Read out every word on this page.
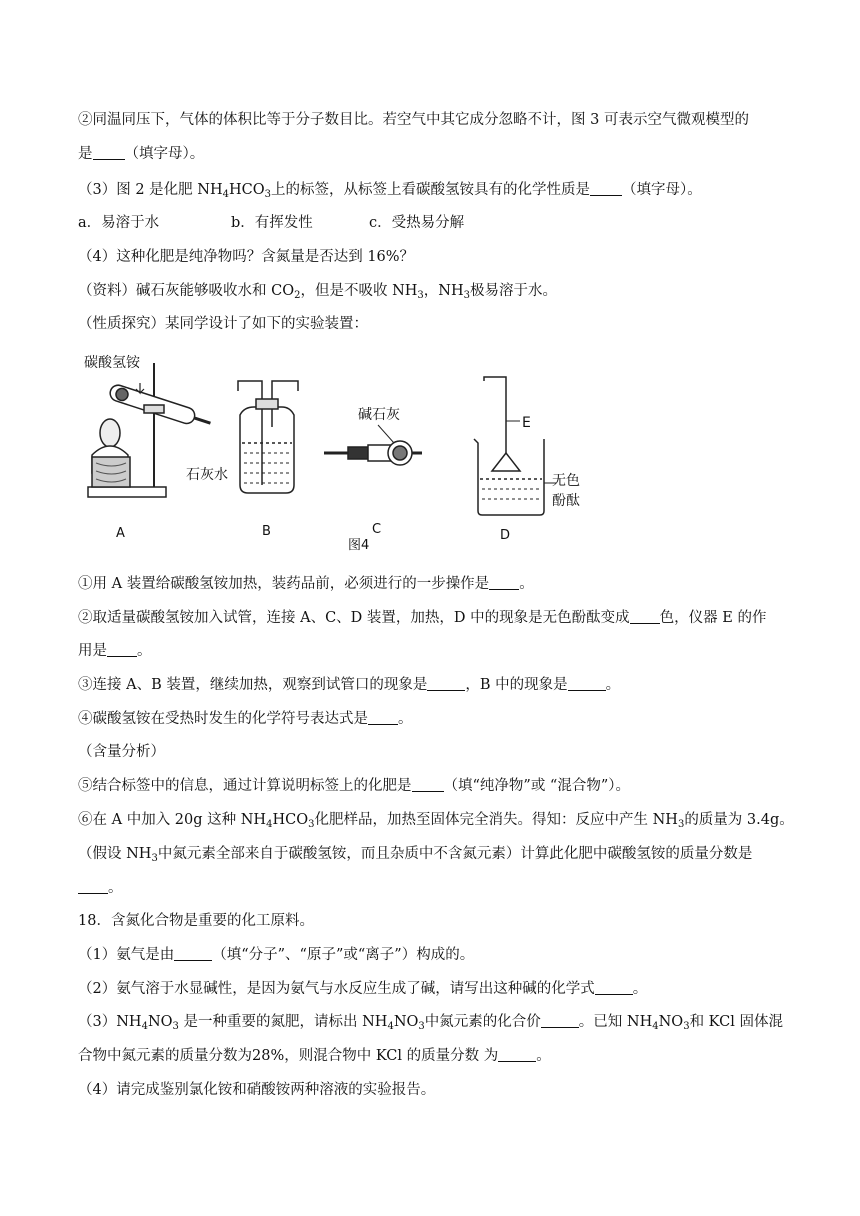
②同温同压下，气体的体积比等于分子数目比。若空气中其它成分忽略不计，图 3 可表示空气微观模型的
是 （填字母）。
（3）图 2 是化肥 $NH_4HCO_3$上的标签，从标签上看碳酸氢铵具有的化学性质是 （填字母）。
a．易溶于水	b．有挥发性	c．受热易分解
（4）这种化肥是纯净物吗？含氮量是否达到 16%？
（资料）碱石灰能够吸收水和 $CO_2$，但是不吸收 $NH_3$，$NH_3$极易溶于水。
（性质探究）某同学设计了如下的实验装置：
碳酸氢铵
石灰水
碱石灰	E
无色
酚酞
A	B	C	D
图4
①用 A 装置给碳酸氢铵加热，装药品前，必须进行的一步操作是 。
②取适量碳酸氢铵加入试管，连接 A、C、D 装置，加热，D 中的现象是无色酚酞变成 色，仪器 E 的作
用是 。
③连接 A、B 装置，继续加热，观察到试管口的现象是	，B 中的现象是	。
④碳酸氢铵在受热时发生的化学符号表达式是 。
（含量分析）
⑤结合标签中的信息，通过计算说明标签上的化肥是 （填“纯净物”或 “混合物”）。
⑥在 A 中加入 20g 这种 $NH_4HCO_3$化肥样品，加热至固体完全消失。得知：反应中产生 $NH_3$的质量为 3.4g。
（假设 $NH_3$中氮元素全部来自于碳酸氢铵，而且杂质中不含氮元素）计算此化肥中碳酸氢铵的质量分数是
。
18．含氮化合物是重要的化工原料。
（1）氨气是由	（填“分子”、“原子”或“离子”）构成的。
（2）氨气溶于水显碱性，是因为氨气与水反应生成了碱，请写出这种碱的化学式	。
$(3)NH_4NO_3$ 是一种重要的氮肥，请标出 $NH_4NO_3$中氮元素的化合价	。已知 $NH_4NO_3$和 KCl 固体混
合物中氮元素的质量分数为28%，则混合物中 KCl 的质量分数 为	。
（4）请完成鉴别氯化铵和硝酸铵两种溶液的实验报告。
